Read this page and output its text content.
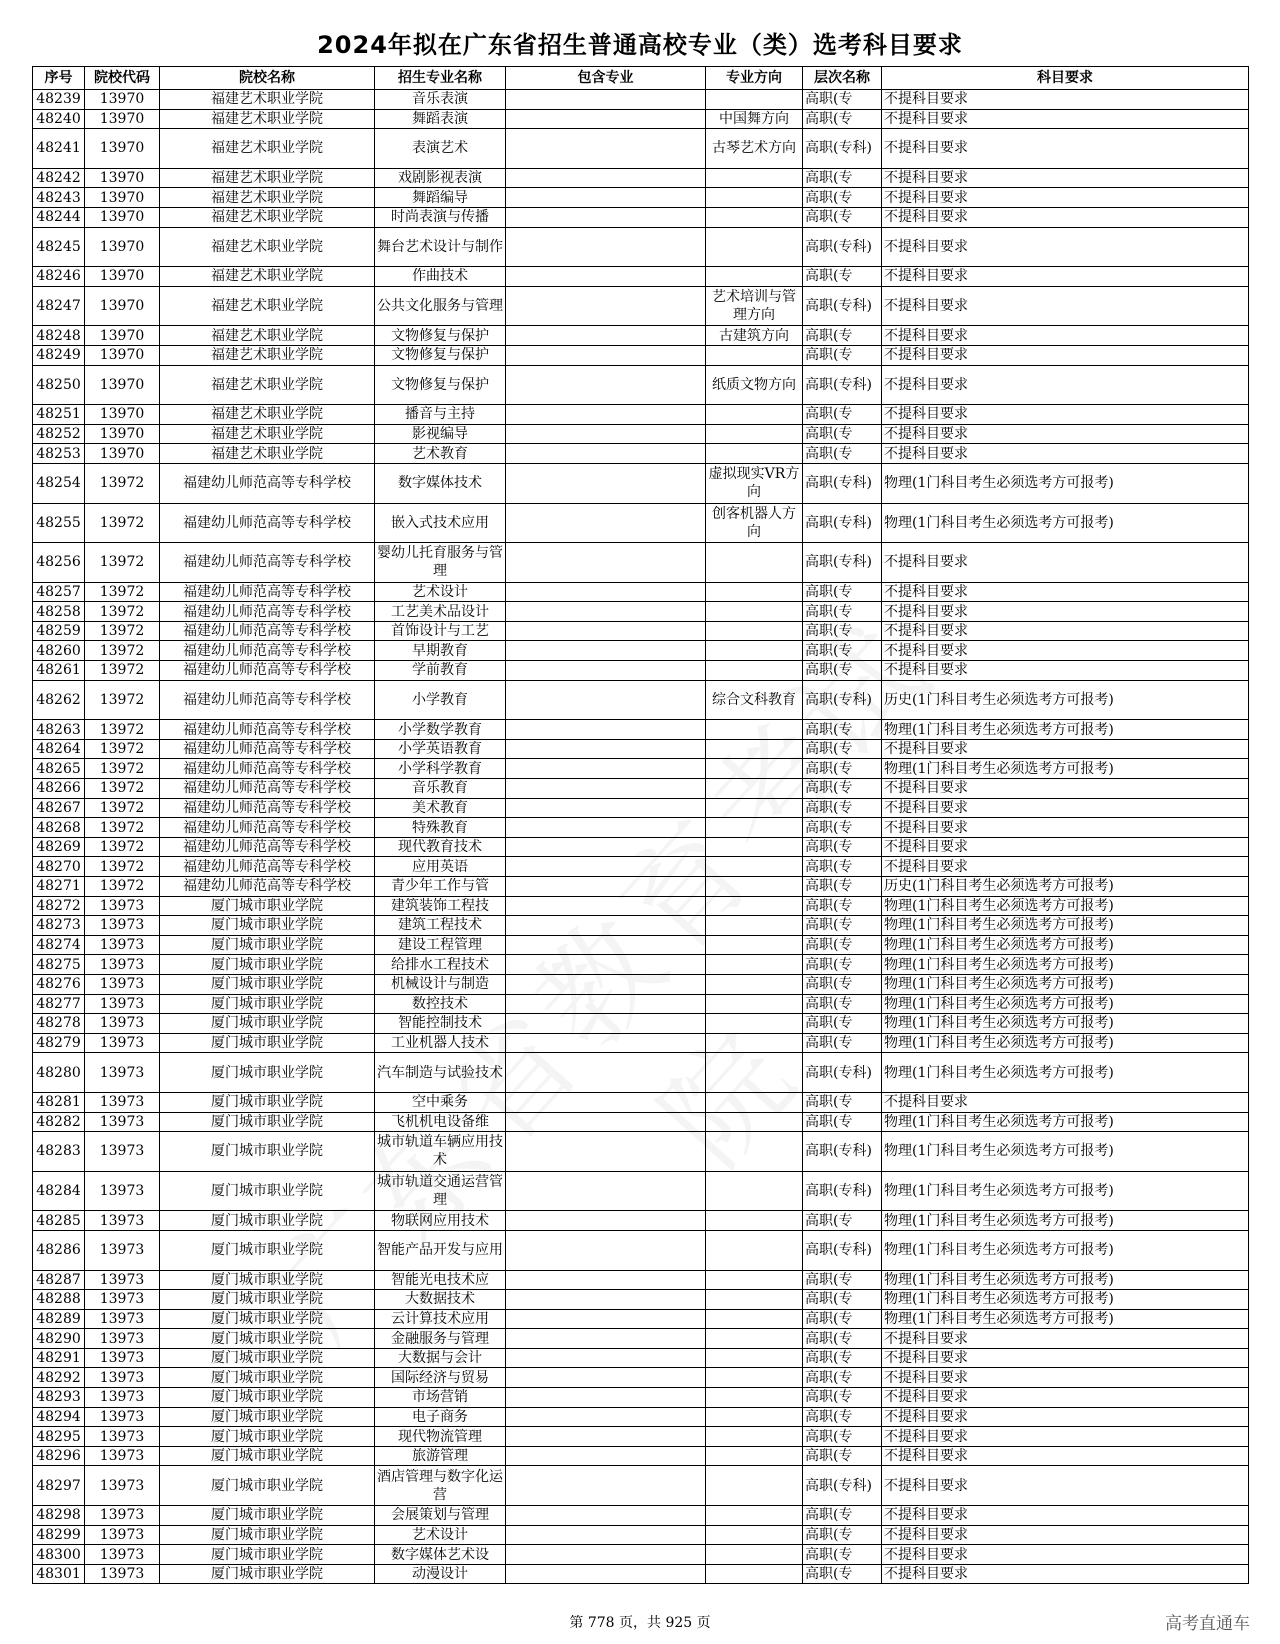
2024年拟在广东省招生普通高校专业（类）选考科目要求
序号	院校代码	院校名称	招生专业名称	包含专业	专业方向	层次名称	科目要求
48239	13970	福建艺术职业学院	音乐表演			高职(专	不提科目要求
48240	13970	福建艺术职业学院	舞蹈表演		中国舞方向	高职(专	不提科目要求
48241	13970	福建艺术职业学院	表演艺术		古琴艺术方向	高职(专科)	不提科目要求
48242	13970	福建艺术职业学院	戏剧影视表演			高职(专	不提科目要求
48243	13970	福建艺术职业学院	舞蹈编导			高职(专	不提科目要求
48244	13970	福建艺术职业学院	时尚表演与传播			高职(专	不提科目要求
48245	13970	福建艺术职业学院	舞台艺术设计与制作			高职(专科)	不提科目要求
48246	13970	福建艺术职业学院	作曲技术			高职(专	不提科目要求
48247	13970	福建艺术职业学院	公共文化服务与管理		艺术培训与管理方向	高职(专科)	不提科目要求
48248	13970	福建艺术职业学院	文物修复与保护		古建筑方向	高职(专	不提科目要求
48249	13970	福建艺术职业学院	文物修复与保护			高职(专	不提科目要求
48250	13970	福建艺术职业学院	文物修复与保护		纸质文物方向	高职(专科)	不提科目要求
48251	13970	福建艺术职业学院	播音与主持			高职(专	不提科目要求
48252	13970	福建艺术职业学院	影视编导			高职(专	不提科目要求
48253	13970	福建艺术职业学院	艺术教育			高职(专	不提科目要求
48254	13972	福建幼儿师范高等专科学校	数字媒体技术		虚拟现实VR方向	高职(专科)	物理(1门科目考生必须选考方可报考)
48255	13972	福建幼儿师范高等专科学校	嵌入式技术应用		创客机器人方向	高职(专科)	物理(1门科目考生必须选考方可报考)
48256	13972	福建幼儿师范高等专科学校	婴幼儿托育服务与管理			高职(专科)	不提科目要求
48257	13972	福建幼儿师范高等专科学校	艺术设计			高职(专	不提科目要求
48258	13972	福建幼儿师范高等专科学校	工艺美术品设计			高职(专	不提科目要求
48259	13972	福建幼儿师范高等专科学校	首饰设计与工艺			高职(专	不提科目要求
48260	13972	福建幼儿师范高等专科学校	早期教育			高职(专	不提科目要求
48261	13972	福建幼儿师范高等专科学校	学前教育			高职(专	不提科目要求
48262	13972	福建幼儿师范高等专科学校	小学教育		综合文科教育	高职(专科)	历史(1门科目考生必须选考方可报考)
48263	13972	福建幼儿师范高等专科学校	小学数学教育			高职(专	物理(1门科目考生必须选考方可报考)
48264	13972	福建幼儿师范高等专科学校	小学英语教育			高职(专	不提科目要求
48265	13972	福建幼儿师范高等专科学校	小学科学教育			高职(专	物理(1门科目考生必须选考方可报考)
48266	13972	福建幼儿师范高等专科学校	音乐教育			高职(专	不提科目要求
48267	13972	福建幼儿师范高等专科学校	美术教育			高职(专	不提科目要求
48268	13972	福建幼儿师范高等专科学校	特殊教育			高职(专	不提科目要求
48269	13972	福建幼儿师范高等专科学校	现代教育技术			高职(专	不提科目要求
48270	13972	福建幼儿师范高等专科学校	应用英语			高职(专	不提科目要求
48271	13972	福建幼儿师范高等专科学校	青少年工作与管			高职(专	历史(1门科目考生必须选考方可报考)
48272	13973	厦门城市职业学院	建筑装饰工程技			高职(专	物理(1门科目考生必须选考方可报考)
48273	13973	厦门城市职业学院	建筑工程技术			高职(专	物理(1门科目考生必须选考方可报考)
48274	13973	厦门城市职业学院	建设工程管理			高职(专	物理(1门科目考生必须选考方可报考)
48275	13973	厦门城市职业学院	给排水工程技术			高职(专	物理(1门科目考生必须选考方可报考)
48276	13973	厦门城市职业学院	机械设计与制造			高职(专	物理(1门科目考生必须选考方可报考)
48277	13973	厦门城市职业学院	数控技术			高职(专	物理(1门科目考生必须选考方可报考)
48278	13973	厦门城市职业学院	智能控制技术			高职(专	物理(1门科目考生必须选考方可报考)
48279	13973	厦门城市职业学院	工业机器人技术			高职(专	物理(1门科目考生必须选考方可报考)
48280	13973	厦门城市职业学院	汽车制造与试验技术			高职(专科)	物理(1门科目考生必须选考方可报考)
48281	13973	厦门城市职业学院	空中乘务			高职(专	不提科目要求
48282	13973	厦门城市职业学院	飞机机电设备维			高职(专	物理(1门科目考生必须选考方可报考)
48283	13973	厦门城市职业学院	城市轨道车辆应用技术			高职(专科)	物理(1门科目考生必须选考方可报考)
48284	13973	厦门城市职业学院	城市轨道交通运营管理			高职(专科)	物理(1门科目考生必须选考方可报考)
48285	13973	厦门城市职业学院	物联网应用技术			高职(专	物理(1门科目考生必须选考方可报考)
48286	13973	厦门城市职业学院	智能产品开发与应用			高职(专科)	物理(1门科目考生必须选考方可报考)
48287	13973	厦门城市职业学院	智能光电技术应			高职(专	物理(1门科目考生必须选考方可报考)
48288	13973	厦门城市职业学院	大数据技术			高职(专	物理(1门科目考生必须选考方可报考)
48289	13973	厦门城市职业学院	云计算技术应用			高职(专	物理(1门科目考生必须选考方可报考)
48290	13973	厦门城市职业学院	金融服务与管理			高职(专	不提科目要求
48291	13973	厦门城市职业学院	大数据与会计			高职(专	不提科目要求
48292	13973	厦门城市职业学院	国际经济与贸易			高职(专	不提科目要求
48293	13973	厦门城市职业学院	市场营销			高职(专	不提科目要求
48294	13973	厦门城市职业学院	电子商务			高职(专	不提科目要求
48295	13973	厦门城市职业学院	现代物流管理			高职(专	不提科目要求
48296	13973	厦门城市职业学院	旅游管理			高职(专	不提科目要求
48297	13973	厦门城市职业学院	酒店管理与数字化运营			高职(专科)	不提科目要求
48298	13973	厦门城市职业学院	会展策划与管理			高职(专	不提科目要求
48299	13973	厦门城市职业学院	艺术设计			高职(专	不提科目要求
48300	13973	厦门城市职业学院	数字媒体艺术设			高职(专	不提科目要求
48301	13973	厦门城市职业学院	动漫设计			高职(专	不提科目要求
第 778 页，共 925 页	高考直通车
